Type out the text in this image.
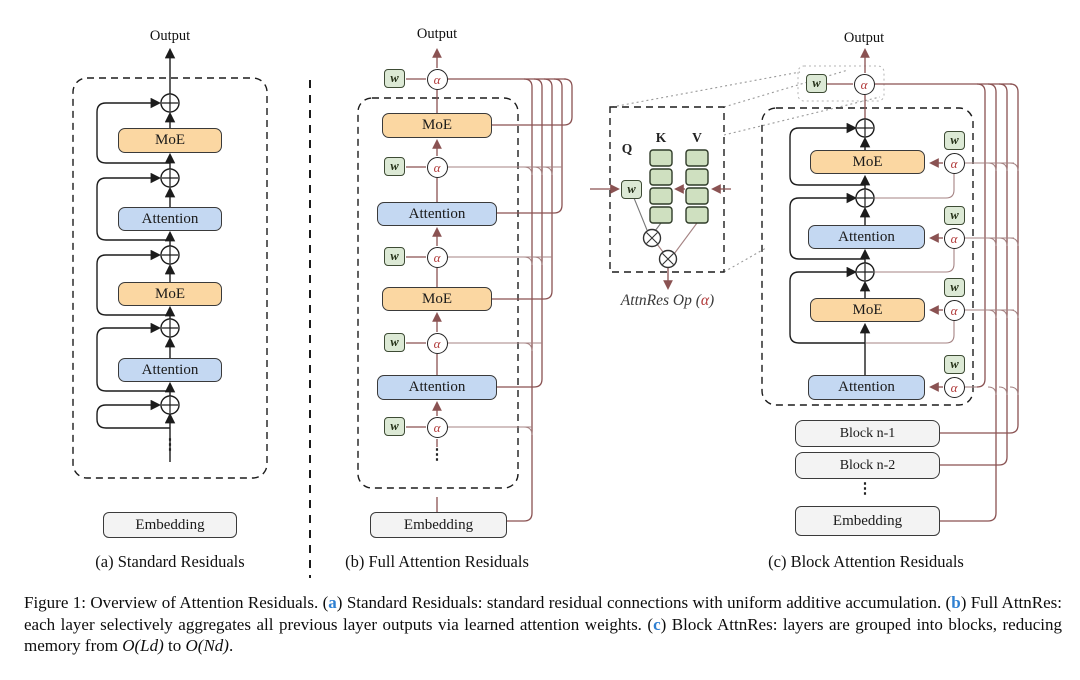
Output
MoE
Attention
MoE
Attention
⋮
Embedding
(a) Standard Residuals
Output
w	α
MoE
w	α
Attention
w	α
MoE
w	α
Attention
w	α
⋮
Embedding
(b) Full Attention Residuals
Q
K	V
w
AttnRes Op (α)
Output
w	α
MoE
w
α
Attention
w
α
MoE
w
α
Attention
w
α
Block n-1
Block n-2
⋮
Embedding
(c) Block Attention Residuals
Figure 1: Overview of Attention Residuals. (a) Standard Residuals: standard residual connections with uniform additive accumulation. (b) Full AttnRes: each layer selectively aggregates all previous layer outputs via learned attention weights. (c) Block AttnRes: layers are grouped into blocks, reducing memory from O(Ld) to O(Nd).
